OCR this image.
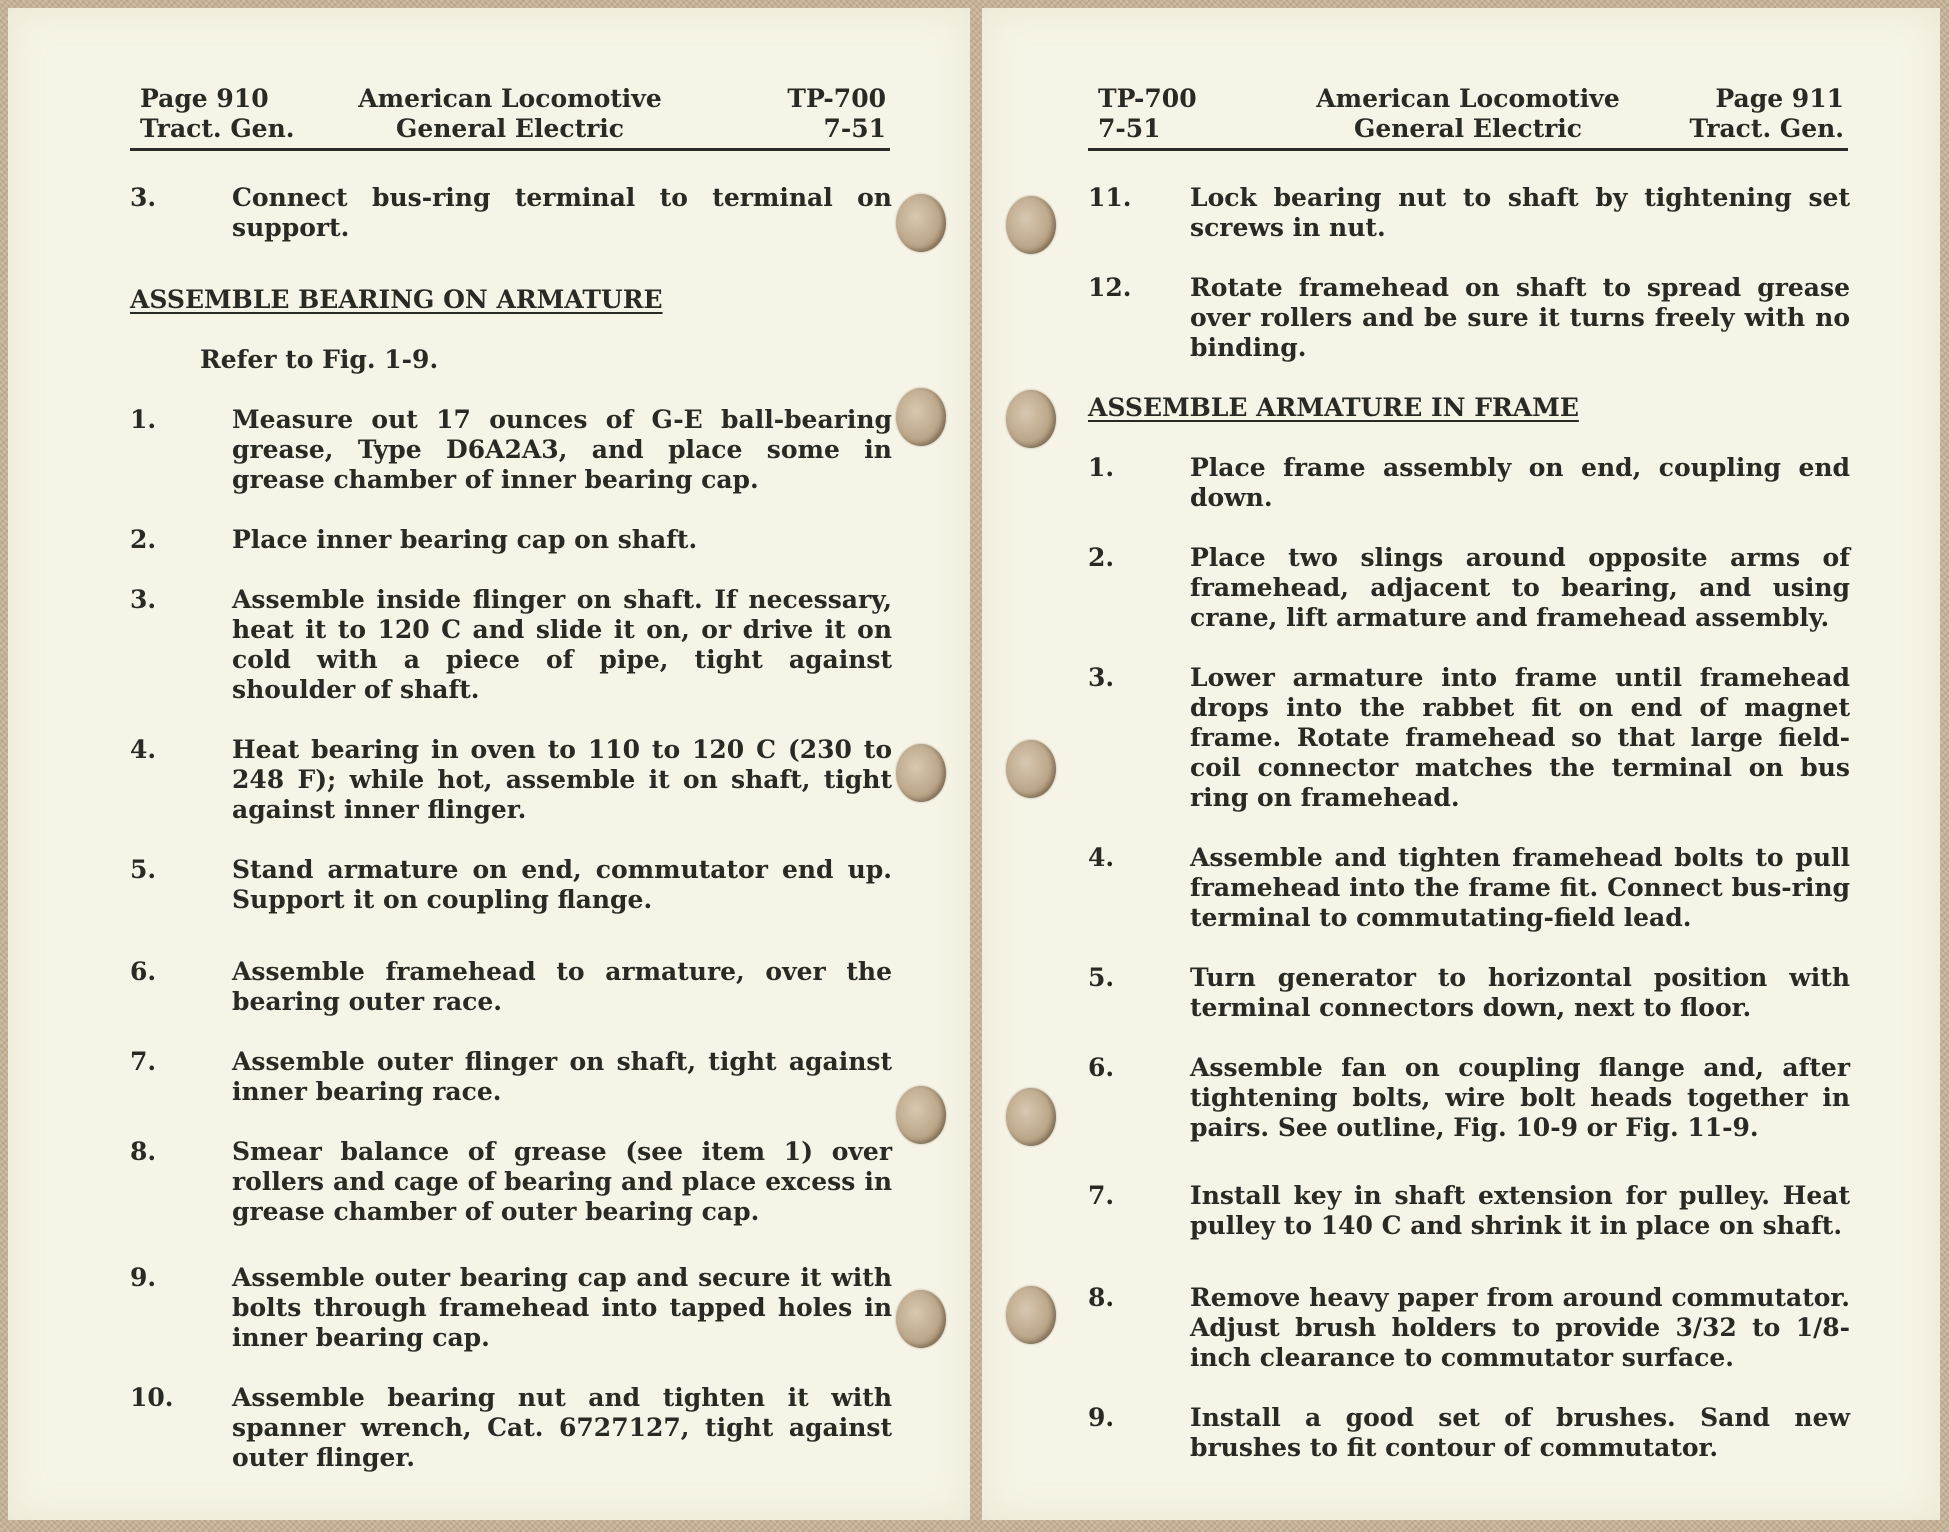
Page 910
Tract. Gen.
American Locomotive
General Electric
TP-700
7-51
3.	Connect bus-ring terminal to terminal on support.
ASSEMBLE BEARING ON ARMATURE
Refer to Fig. 1-9.
1.	Measure out 17 ounces of G-E ball-bearing grease, Type D6A2A3, and place some in grease chamber of inner bearing cap.
2.	Place inner bearing cap on shaft.
3.	Assemble inside flinger on shaft. If necessary, heat it to 120 C and slide it on, or drive it on cold with a piece of pipe, tight against shoulder of shaft.
4.	Heat bearing in oven to 110 to 120 C (230 to 248 F); while hot, assemble it on shaft, tight against inner flinger.
5.	Stand armature on end, commutator end up. Support it on coupling flange.
6.	Assemble framehead to armature, over the bearing outer race.
7.	Assemble outer flinger on shaft, tight against inner bearing race.
8.	Smear balance of grease (see item 1) over rollers and cage of bearing and place excess in grease chamber of outer bearing cap.
9.	Assemble outer bearing cap and secure it with bolts through framehead into tapped holes in inner bearing cap.
10.	Assemble bearing nut and tighten it with spanner wrench, Cat. 6727127, tight against outer flinger.
TP-700
7-51
American Locomotive
General Electric
Page 911
Tract. Gen.
11.	Lock bearing nut to shaft by tightening set screws in nut.
12.	Rotate framehead on shaft to spread grease over rollers and be sure it turns freely with no binding.
ASSEMBLE ARMATURE IN FRAME
1.	Place frame assembly on end, coupling end down.
2.	Place two slings around opposite arms of framehead, adjacent to bearing, and using crane, lift armature and framehead assembly.
3.	Lower armature into frame until framehead drops into the rabbet fit on end of magnet frame. Rotate framehead so that large field-coil connector matches the terminal on bus ring on framehead.
4.	Assemble and tighten framehead bolts to pull framehead into the frame fit. Connect bus-ring terminal to commutating-field lead.
5.	Turn generator to horizontal position with terminal connectors down, next to floor.
6.	Assemble fan on coupling flange and, after tightening bolts, wire bolt heads together in pairs. See outline, Fig. 10-9 or Fig. 11-9.
7.	Install key in shaft extension for pulley. Heat pulley to 140 C and shrink it in place on shaft.
8.	Remove heavy paper from around commutator. Adjust brush holders to provide 3/32 to 1/8-inch clearance to commutator surface.
9.	Install a good set of brushes. Sand new brushes to fit contour of commutator.
